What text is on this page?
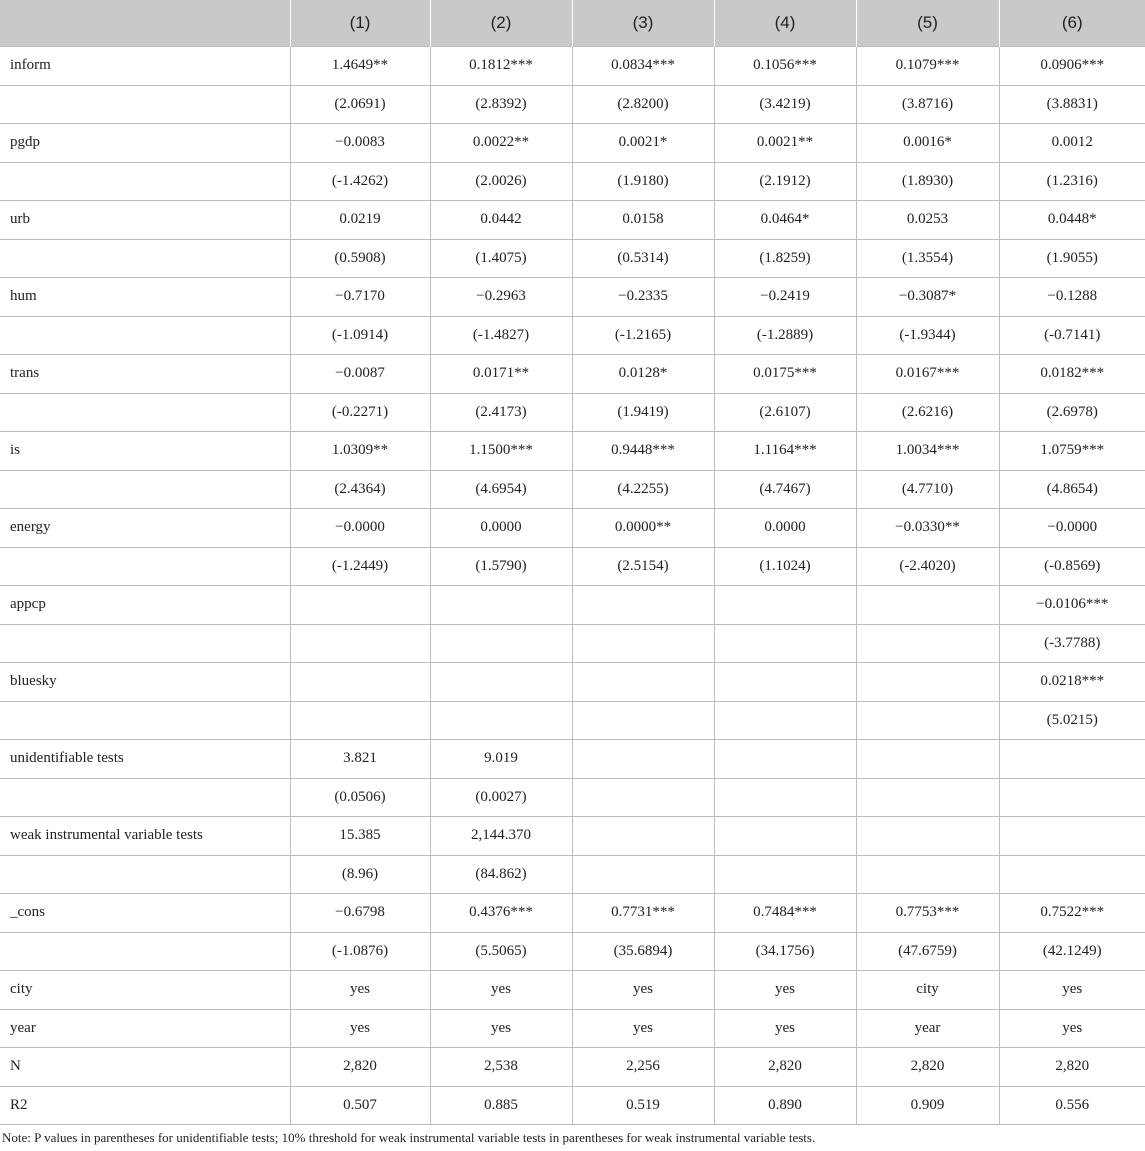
	(1)	(2)	(3)	(4)	(5)	(6)
inform	1.4649**	0.1812***	0.0834***	0.1056***	0.1079***	0.0906***
	(2.0691)	(2.8392)	(2.8200)	(3.4219)	(3.8716)	(3.8831)
pgdp	−0.0083	0.0022**	0.0021*	0.0021**	0.0016*	0.0012
	(-1.4262)	(2.0026)	(1.9180)	(2.1912)	(1.8930)	(1.2316)
urb	0.0219	0.0442	0.0158	0.0464*	0.0253	0.0448*
	(0.5908)	(1.4075)	(0.5314)	(1.8259)	(1.3554)	(1.9055)
hum	−0.7170	−0.2963	−0.2335	−0.2419	−0.3087*	−0.1288
	(-1.0914)	(-1.4827)	(-1.2165)	(-1.2889)	(-1.9344)	(-0.7141)
trans	−0.0087	0.0171**	0.0128*	0.0175***	0.0167***	0.0182***
	(-0.2271)	(2.4173)	(1.9419)	(2.6107)	(2.6216)	(2.6978)
is	1.0309**	1.1500***	0.9448***	1.1164***	1.0034***	1.0759***
	(2.4364)	(4.6954)	(4.2255)	(4.7467)	(4.7710)	(4.8654)
energy	−0.0000	0.0000	0.0000**	0.0000	−0.0330**	−0.0000
	(-1.2449)	(1.5790)	(2.5154)	(1.1024)	(-2.4020)	(-0.8569)
appcp						−0.0106***
						(-3.7788)
bluesky						0.0218***
						(5.0215)
unidentifiable tests	3.821	9.019				
	(0.0506)	(0.0027)				
weak instrumental variable tests	15.385	2,144.370				
	(8.96)	(84.862)				
_cons	−0.6798	0.4376***	0.7731***	0.7484***	0.7753***	0.7522***
	(-1.0876)	(5.5065)	(35.6894)	(34.1756)	(47.6759)	(42.1249)
city	yes	yes	yes	yes	city	yes
year	yes	yes	yes	yes	year	yes
N	2,820	2,538	2,256	2,820	2,820	2,820
R2	0.507	0.885	0.519	0.890	0.909	0.556
Note: P values in parentheses for unidentifiable tests; 10% threshold for weak instrumental variable tests in parentheses for weak instrumental variable tests.
